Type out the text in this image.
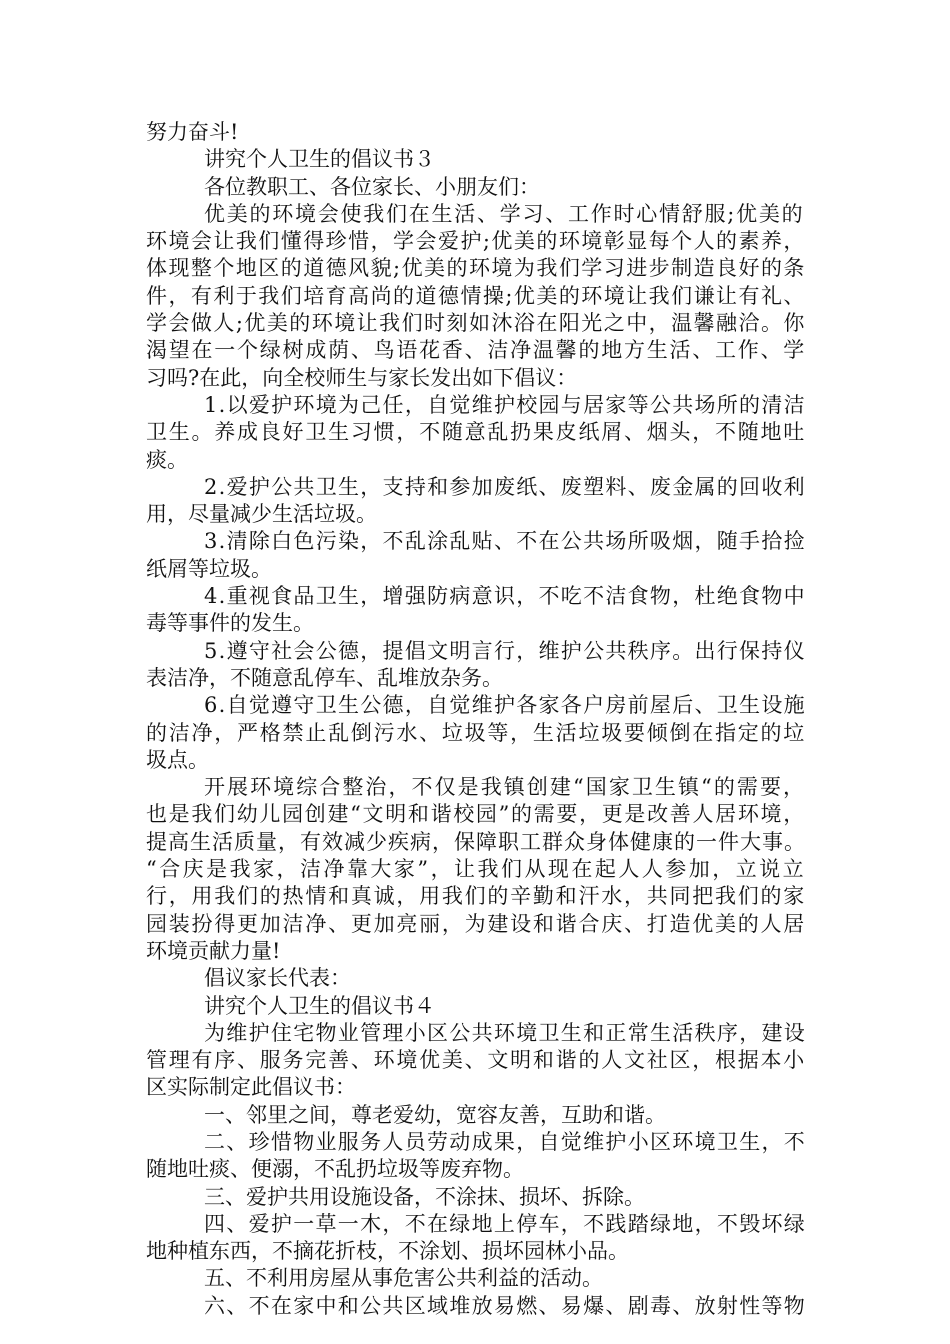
努力奋斗!
讲究个人卫生的倡议书３
各位教职工、各位家长、小朋友们：
优美的环境会使我们在生活、学习、工作时心情舒服;优美的
环境会让我们懂得珍惜，学会爱护;优美的环境彰显每个人的素养，
体现整个地区的道德风貌;优美的环境为我们学习进步制造良好的条
件，有利于我们培育高尚的道德情操;优美的环境让我们谦让有礼、
学会做人;优美的环境让我们时刻如沐浴在阳光之中，温馨融洽。你
渴望在一个绿树成荫、鸟语花香、洁净温馨的地方生活、工作、学
习吗?在此，向全校师生与家长发出如下倡议：
1.以爱护环境为己任，自觉维护校园与居家等公共场所的清洁
卫生。养成良好卫生习惯，不随意乱扔果皮纸屑、烟头，不随地吐
痰。
2.爱护公共卫生，支持和参加废纸、废塑料、废金属的回收利
用，尽量减少生活垃圾。
3.清除白色污染，不乱涂乱贴、不在公共场所吸烟，随手拾捡
纸屑等垃圾。
4.重视食品卫生，增强防病意识，不吃不洁食物，杜绝食物中
毒等事件的发生。
5.遵守社会公德，提倡文明言行，维护公共秩序。出行保持仪
表洁净，不随意乱停车、乱堆放杂务。
6.自觉遵守卫生公德，自觉维护各家各户房前屋后、卫生设施
的洁净，严格禁止乱倒污水、垃圾等，生活垃圾要倾倒在指定的垃
圾点。
开展环境综合整治，不仅是我镇创建“国家卫生镇“的需要，
也是我们幼儿园创建“文明和谐校园”的需要，更是改善人居环境，
提高生活质量，有效减少疾病，保障职工群众身体健康的一件大事。
“合庆是我家，洁净靠大家”，让我们从现在起人人参加，立说立
行，用我们的热情和真诚，用我们的辛勤和汗水，共同把我们的家
园装扮得更加洁净、更加亮丽，为建设和谐合庆、打造优美的人居
环境贡献力量!
倡议家长代表：
讲究个人卫生的倡议书４
为维护住宅物业管理小区公共环境卫生和正常生活秩序，建设
管理有序、服务完善、环境优美、文明和谐的人文社区，根据本小
区实际制定此倡议书：
一、邻里之间，尊老爱幼，宽容友善，互助和谐。
二、珍惜物业服务人员劳动成果，自觉维护小区环境卫生，不
随地吐痰、便溺，不乱扔垃圾等废弃物。
三、爱护共用设施设备，不涂抹、损坏、拆除。
四、爱护一草一木，不在绿地上停车，不践踏绿地，不毁坏绿
地种植东西，不摘花折枝，不涂划、损坏园林小品。
五、不利用房屋从事危害公共利益的活动。
六、不在家中和公共区域堆放易燃、易爆、剧毒、放射性等物
